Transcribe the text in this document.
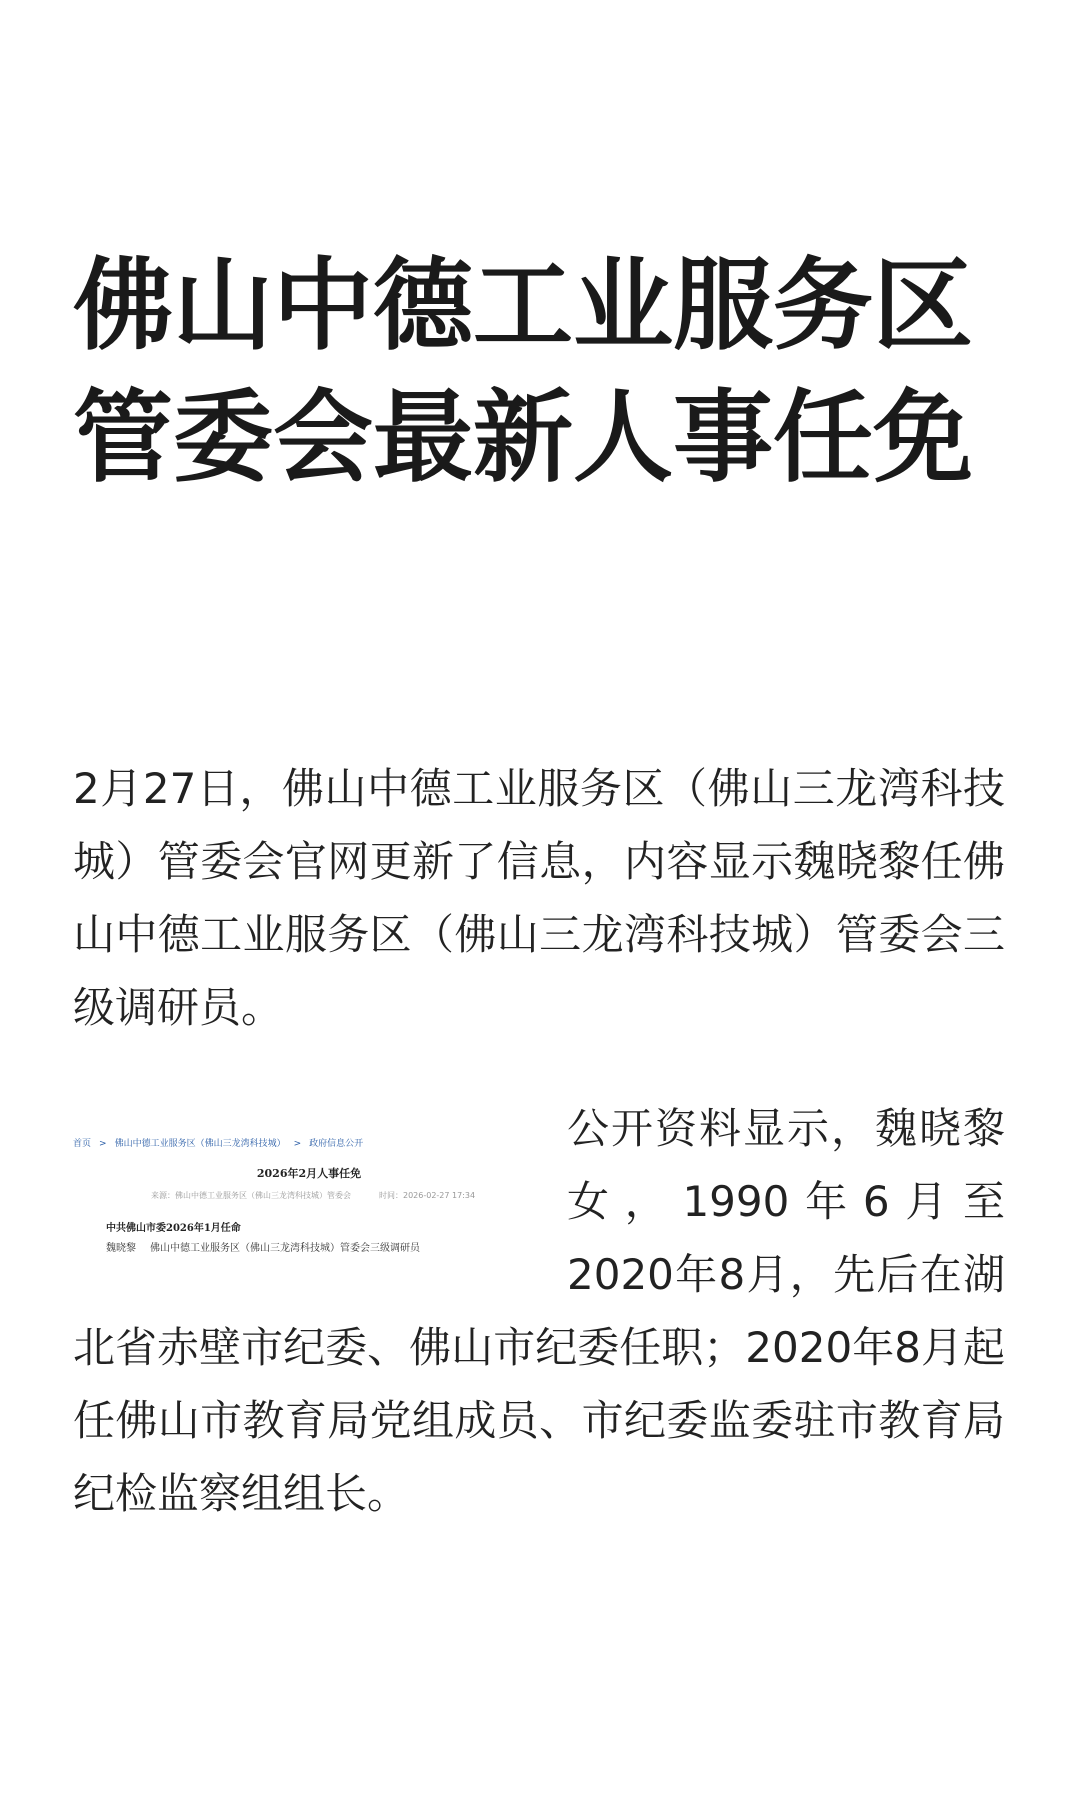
佛山中德工业服务区管委会最新人事任免

2月27日，佛山中德工业服务区（佛山三龙湾科技城）管委会官网更新了信息，内容显示魏晓黎任佛山中德工业服务区（佛山三龙湾科技城）管委会三级调研员。

首页 > 佛山中德工业服务区（佛山三龙湾科技城） > 政府信息公开
2026年2月人事任免
来源：佛山中德工业服务区（佛山三龙湾科技城）管委会	时间：2026-02-27 17:34
中共佛山市委2026年1月任命
魏晓黎 佛山中德工业服务区（佛山三龙湾科技城）管委会三级调研员
公开资料显示，魏晓黎女，1990年6月至2020年8月，先后在湖北省赤壁市纪委、佛山市纪委任职；2020年8月起任佛山市教育局党组成员、市纪委监委驻市教育局纪检监察组组长。
